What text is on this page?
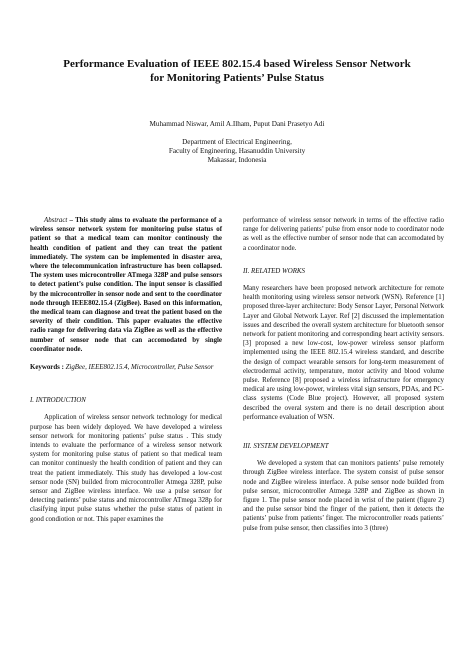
Performance Evaluation of IEEE 802.15.4 based Wireless Sensor Network
for Monitoring Patients’ Pulse Status

Muhammad Niswar, Amil A.Ilham, Puput Dani Prasetyo Adi

Department of Electrical Engineering,
Faculty of Engineering, Hasanuddin University
Makassar, Indonesia

Abstract – This study aims to evaluate the performance of a wireless sensor network system for monitoring pulse status of patient so that a medical team can monitor continously the health condition of patient and they can treat the patient immediately. The system can be implemented in disaster area, where the telecommunication infrastructure has been collapsed. The system uses microcontroller ATmega 328P and pulse sensors to detect patient’s pulse condition. The input sensor is classified by the microcontroller in sensor node and sent to the coordinator node through IEEE802.15.4 (ZigBee). Based on this information, the medical team can diagnose and treat the patient based on the severity of their condition. This paper evaluates the effective radio range for delivering data via ZigBee as well as the effective number of sensor node that can accomodated by single coordinator node.

Keywords : ZigBee, IEEE802.15.4, Microcontroller, Pulse Sensor

I. INTRODUCTION

Application of wireless sensor network technology for medical purpose has been widely deployed. We have developed a wireless sensor network for monitoring patients’ pulse status . This study intends to evaluate the performance of a wireless sensor network system for monitoring pulse status of patient so that medical team can monitor continuesly the health condition of patient and they can treat the patient immediately. This study has developed a low-cost sensor node (SN) builded from microcontroller Atmega 328P, pulse sensor and ZigBee wireless interface. We use a pulse sensor for detecting patients’ pulse status and microcontroller ATmega 328p for clasifying input pulse status whether the pulse status of patient in good condiotion or not. This paper examines the

performance of wireless sensor network in terms of the effective radio range for delivering patients’ pulse from ensor node to coordinator node as well as the effective number of sensor node that can accomodated by a coordinator node.

II. RELATED WORKS

Many researchers have been proposed network architecture for remote health monitoring using wireless sensor network (WSN). Reference [1] proposed three-layer architecture: Body Sensor Layer, Personal Network Layer and Global Network Layer. Ref [2] discussed the implementation issues and described the overall system architecture for bluetooth sensor network for patient monitoring and corresponding heart activity sensors. [3] proposed a new low-cost, low-power wireless sensor platform implemented using the IEEE 802.15.4 wireless standard, and describe the design of compact wearable sensors for long-term measurement of electrodermal activity, temperature, motor activity and blood volume pulse. Reference [8] proposed a wireless infrastructure for emergency medical are using low-power, wireless vital sign sensors, PDAs, and PC-class systems (Code Blue project). However, all proposed system described the overal system and there is no detail description about performance evaluation of WSN.

III. SYSTEM DEVELOPMENT

We developed a system that can monitors patients’ pulse remotely through ZigBee wireless interface. The system consist of pulse sensor node and ZigBee wireless interface. A pulse sensor node builded from pulse sensor, microcontroller Atmega 328P and ZigBee as shown in figure 1. The pulse sensor node placed in wrist of the patient (figure 2) and the pulse sensor bind the finger of the patient, then it detects the patients’ pulse from patients’ finger. The microcontroller reads patients’ pulse from pulse sensor, then classifies into 3 (three)
